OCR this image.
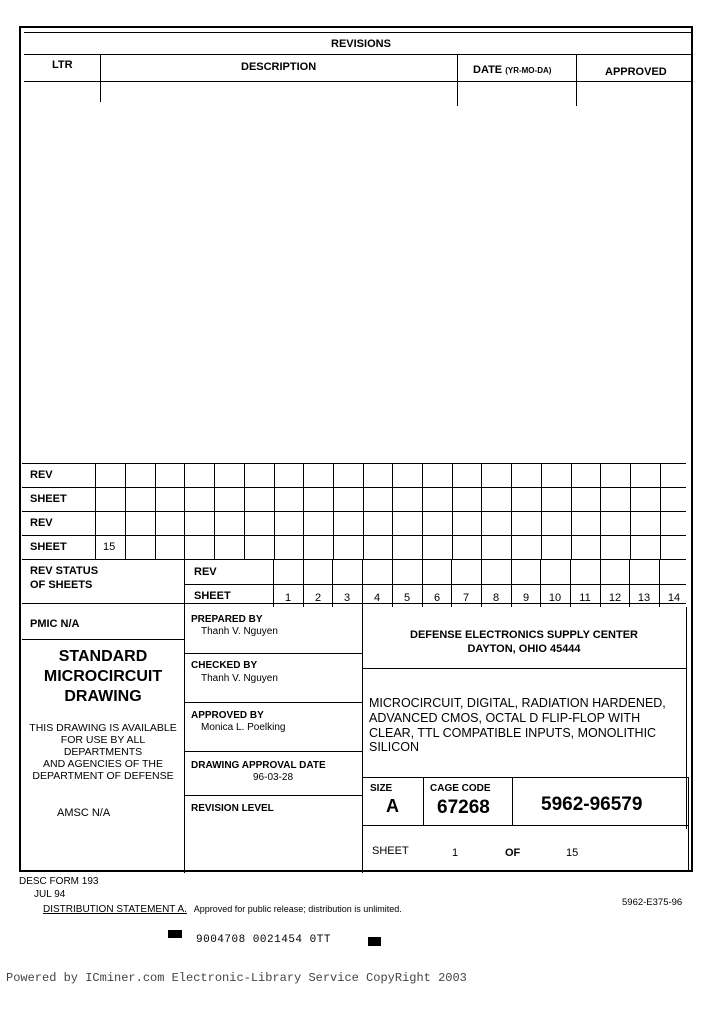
REVISIONS
LTR	DESCRIPTION	DATE (YR-MO-DA)	APPROVED
REV
SHEET
REV
SHEET	15
REV STATUS
OF SHEETS
REV
SHEET	1	2	3	4	5	6	7	8	9	10	11	12	13	14
PMIC N/A
STANDARD
MICROCIRCUIT
DRAWING
THIS DRAWING IS AVAILABLE
FOR USE BY ALL
DEPARTMENTS
AND AGENCIES OF THE
DEPARTMENT OF DEFENSE
AMSC N/A
PREPARED BY
Thanh V. Nguyen
CHECKED BY
Thanh V. Nguyen
APPROVED BY
Monica L. Poelking
DRAWING APPROVAL DATE
96-03-28
REVISION LEVEL
DEFENSE ELECTRONICS SUPPLY CENTER
DAYTON, OHIO 45444
MICROCIRCUIT, DIGITAL, RADIATION HARDENED,
ADVANCED CMOS, OCTAL D FLIP-FLOP WITH
CLEAR, TTL COMPATIBLE INPUTS, MONOLITHIC
SILICON
SIZE
A
CAGE CODE
67268	5962-96579
SHEET	1	OF	15
DESC FORM 193
JUL 94
DISTRIBUTION STATEMENT A. Approved for public release; distribution is unlimited.
5962-E375-96
9004708 0021454 0TT
Powered by ICminer.com Electronic-Library Service CopyRight 2003
